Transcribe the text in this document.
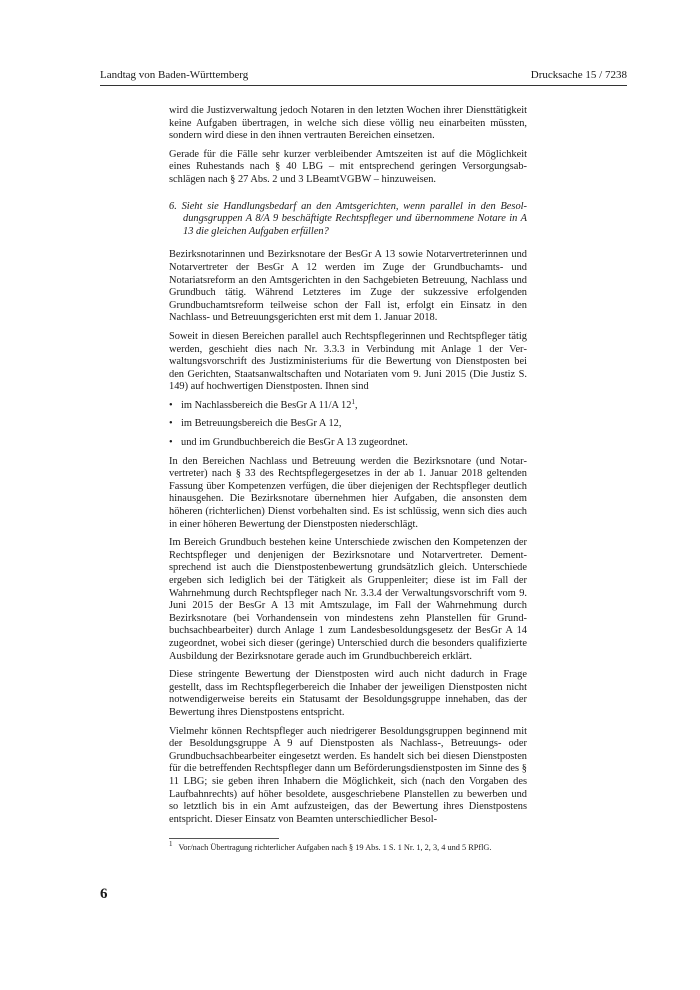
Landtag von Baden-Württemberg	Drucksache 15 / 7238

wird die Justizverwaltung jedoch Notaren in den letzten Wochen ihrer Diensttätigkeit keine Aufgaben übertragen, in welche sich diese völlig neu einarbeiten müssten, sondern wird diese in den ihnen vertrauten Bereichen einsetzen.

Gerade für die Fälle sehr kurzer verbleibender Amtszeiten ist auf die Möglichkeit eines Ruhestands nach § 40 LBG – mit entsprechend geringen Versorgungsabschlägen nach § 27 Abs. 2 und 3 LBeamtVGBW – hinzuweisen.

6. Sieht sie Handlungsbedarf an den Amtsgerichten, wenn parallel in den Besoldungsgruppen A 8/A 9 beschäftigte Rechtspfleger und übernommene Notare in A 13 die gleichen Aufgaben erfüllen?

Bezirksnotarinnen und Bezirksnotare der BesGr A 13 sowie Notarvertreterinnen und Notarvertreter der BesGr A 12 werden im Zuge der Grundbuchamts- und Notariatsreform an den Amtsgerichten in den Sachgebieten Betreuung, Nachlass und Grundbuch tätig. Während Letzteres im Zuge der sukzessive erfolgenden Grundbuchamtsreform teilweise schon der Fall ist, erfolgt ein Einsatz in den Nachlass- und Betreuungsgerichten erst mit dem 1. Januar 2018.

Soweit in diesen Bereichen parallel auch Rechtspflegerinnen und Rechtspfleger tätig werden, geschieht dies nach Nr. 3.3.3 in Verbindung mit Anlage 1 der Verwaltungsvorschrift des Justizministeriums für die Bewertung von Dienstposten bei den Gerichten, Staatsanwaltschaften und Notariaten vom 9. Juni 2015 (Die Justiz S. 149) auf hochwertigen Dienstposten. Ihnen sind

• im Nachlassbereich die BesGr A 11/A $12^1$,
• im Betreuungsbereich die BesGr A 12,
• und im Grundbuchbereich die BesGr A 13 zugeordnet.

In den Bereichen Nachlass und Betreuung werden die Bezirksnotare (und Notarvertreter) nach § 33 des Rechtspflegergesetzes in der ab 1. Januar 2018 geltenden Fassung über Kompetenzen verfügen, die über diejenigen der Rechtspfleger deutlich hinausgehen. Die Bezirksnotare übernehmen hier Aufgaben, die ansonsten dem höheren (richterlichen) Dienst vorbehalten sind. Es ist schlüssig, wenn sich dies auch in einer höheren Bewertung der Dienstposten niederschlägt.

Im Bereich Grundbuch bestehen keine Unterschiede zwischen den Kompetenzen der Rechtspfleger und denjenigen der Bezirksnotare und Notarvertreter. Dementsprechend ist auch die Dienstpostenbewertung grundsätzlich gleich. Unterschiede ergeben sich lediglich bei der Tätigkeit als Gruppenleiter; diese ist im Fall der Wahrnehmung durch Rechtspfleger nach Nr. 3.3.4 der Verwaltungsvorschrift vom 9. Juni 2015 der BesGr A 13 mit Amtszulage, im Fall der Wahrnehmung durch Bezirksnotare (bei Vorhandensein von mindestens zehn Planstellen für Grundbuchsachbearbeiter) durch Anlage 1 zum Landesbesoldungsgesetz der BesGr A 14 zugeordnet, wobei sich dieser (geringe) Unterschied durch die besonders qualifizierte Ausbildung der Bezirksnotare gerade auch im Grundbuchbereich erklärt.

Diese stringente Bewertung der Dienstposten wird auch nicht dadurch in Frage gestellt, dass im Rechtspflegerbereich die Inhaber der jeweiligen Dienstposten nicht notwendigerweise bereits ein Statusamt der Besoldungsgruppe innehaben, das der Bewertung ihres Dienstpostens entspricht.

Vielmehr können Rechtspfleger auch niedrigerer Besoldungsgruppen beginnend mit der Besoldungsgruppe A 9 auf Dienstposten als Nachlass-, Betreuungs- oder Grundbuchsachbearbeiter eingesetzt werden. Es handelt sich bei diesen Dienstposten für die betreffenden Rechtspfleger dann um Beförderungsdienstposten im Sinne des § 11 LBG; sie geben ihren Inhabern die Möglichkeit, sich (nach den Vorgaben des Laufbahnrechts) auf höher besoldete, ausgeschriebene Planstellen zu bewerben und so letztlich bis in ein Amt aufzusteigen, das der Bewertung ihres Dienstpostens entspricht. Dieser Einsatz von Beamten unterschiedlicher Besol-

$^1$ Vor/nach Übertragung richterlicher Aufgaben nach § 19 Abs. 1 S. 1 Nr. 1, 2, 3, 4 und 5 RPflG.
6
